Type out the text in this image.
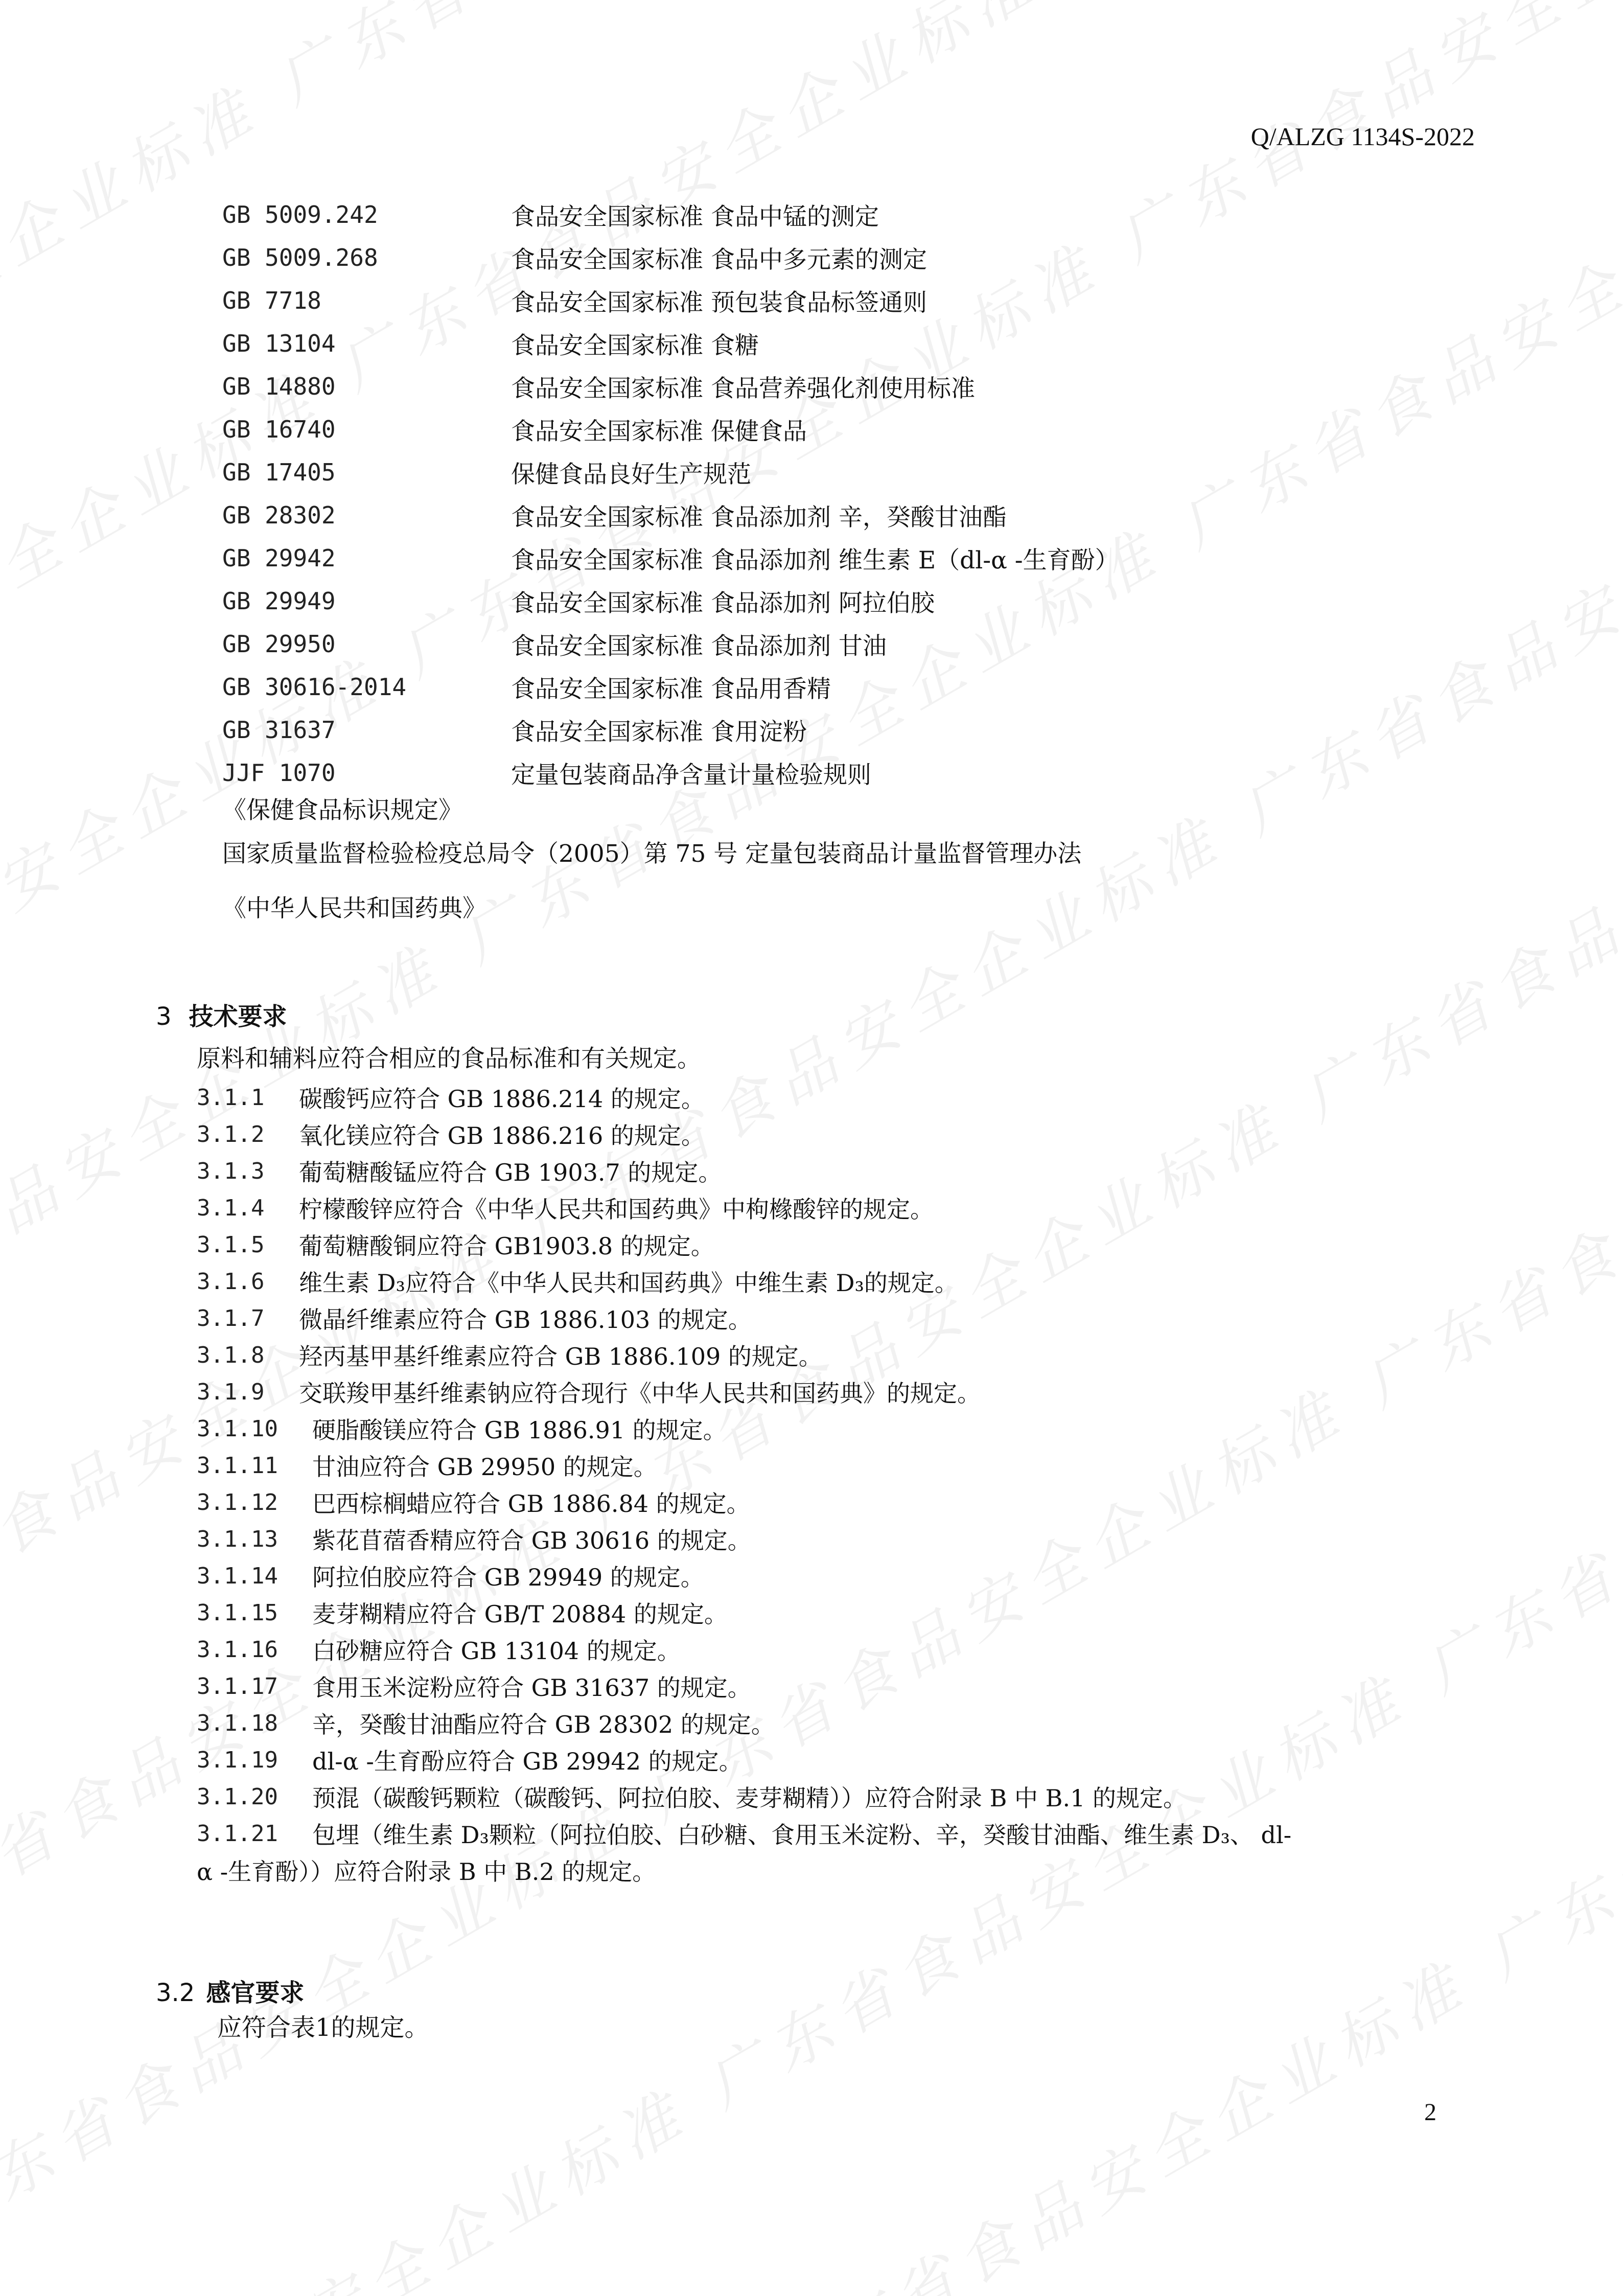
广东省食品安全企业标准 广东省食品安全企业标准 广东省食品安全企业标准
广东省食品安全企业标准 广东省食品安全企业标准 广东省食品安全企业标准
广东省食品安全企业标准 广东省食品安全企业标准 广东省食品安全企业标准
广东省食品安全企业标准 广东省食品安全企业标准 广东省食品安全企业标准
广东省食品安全企业标准 广东省食品安全企业标准 广东省食品安全企业标准
广东省食品安全企业标准 广东省食品安全企业标准
广东省食品安全企业标准 广东省食品安全企业标准
Q/ALZG 1134S-2022
GB 5009.242	食品安全国家标准 食品中锰的测定
GB 5009.268	食品安全国家标准 食品中多元素的测定
GB 7718	食品安全国家标准 预包装食品标签通则
GB 13104	食品安全国家标准 食糖
GB 14880	食品安全国家标准 食品营养强化剂使用标准
GB 16740	食品安全国家标准 保健食品
GB 17405	保健食品良好生产规范
GB 28302	食品安全国家标准 食品添加剂 辛，癸酸甘油酯
GB 29942	食品安全国家标准 食品添加剂 维生素 E（dl-α -生育酚）
GB 29949	食品安全国家标准 食品添加剂 阿拉伯胶
GB 29950	食品安全国家标准 食品添加剂 甘油
GB 30616-2014	食品安全国家标准 食品用香精
GB 31637	食品安全国家标准 食用淀粉
JJF 1070	定量包装商品净含量计量检验规则
《保健食品标识规定》
国家质量监督检验检疫总局令（2005）第 75 号 定量包装商品计量监督管理办法
《中华人民共和国药典》
3 技术要求
原料和辅料应符合相应的食品标准和有关规定。
3.1.1	碳酸钙应符合 GB 1886.214 的规定。
3.1.2	氧化镁应符合 GB 1886.216 的规定。
3.1.3	葡萄糖酸锰应符合 GB 1903.7 的规定。
3.1.4	柠檬酸锌应符合《中华人民共和国药典》中枸橼酸锌的规定。
3.1.5	葡萄糖酸铜应符合 GB1903.8 的规定。
3.1.6	维生素 D₃应符合《中华人民共和国药典》中维生素 D₃的规定。
3.1.7	微晶纤维素应符合 GB 1886.103 的规定。
3.1.8	羟丙基甲基纤维素应符合 GB 1886.109 的规定。
3.1.9	交联羧甲基纤维素钠应符合现行《中华人民共和国药典》的规定。
3.1.10	硬脂酸镁应符合 GB 1886.91 的规定。
3.1.11	甘油应符合 GB 29950 的规定。
3.1.12	巴西棕榈蜡应符合 GB 1886.84 的规定。
3.1.13	紫花苜蓿香精应符合 GB 30616 的规定。
3.1.14	阿拉伯胶应符合 GB 29949 的规定。
3.1.15	麦芽糊精应符合 GB/T 20884 的规定。
3.1.16	白砂糖应符合 GB 13104 的规定。
3.1.17	食用玉米淀粉应符合 GB 31637 的规定。
3.1.18	辛，癸酸甘油酯应符合 GB 28302 的规定。
3.1.19	dl-α -生育酚应符合 GB 29942 的规定。
3.1.20	预混（碳酸钙颗粒（碳酸钙、阿拉伯胶、麦芽糊精））应符合附录 B 中 B.1 的规定。
3.1.21	包埋（维生素 D₃颗粒（阿拉伯胶、白砂糖、食用玉米淀粉、辛，癸酸甘油酯、维生素 D₃、 dl-
α -生育酚））应符合附录 B 中 B.2 的规定。
3.2 感官要求
应符合表1的规定。
2
